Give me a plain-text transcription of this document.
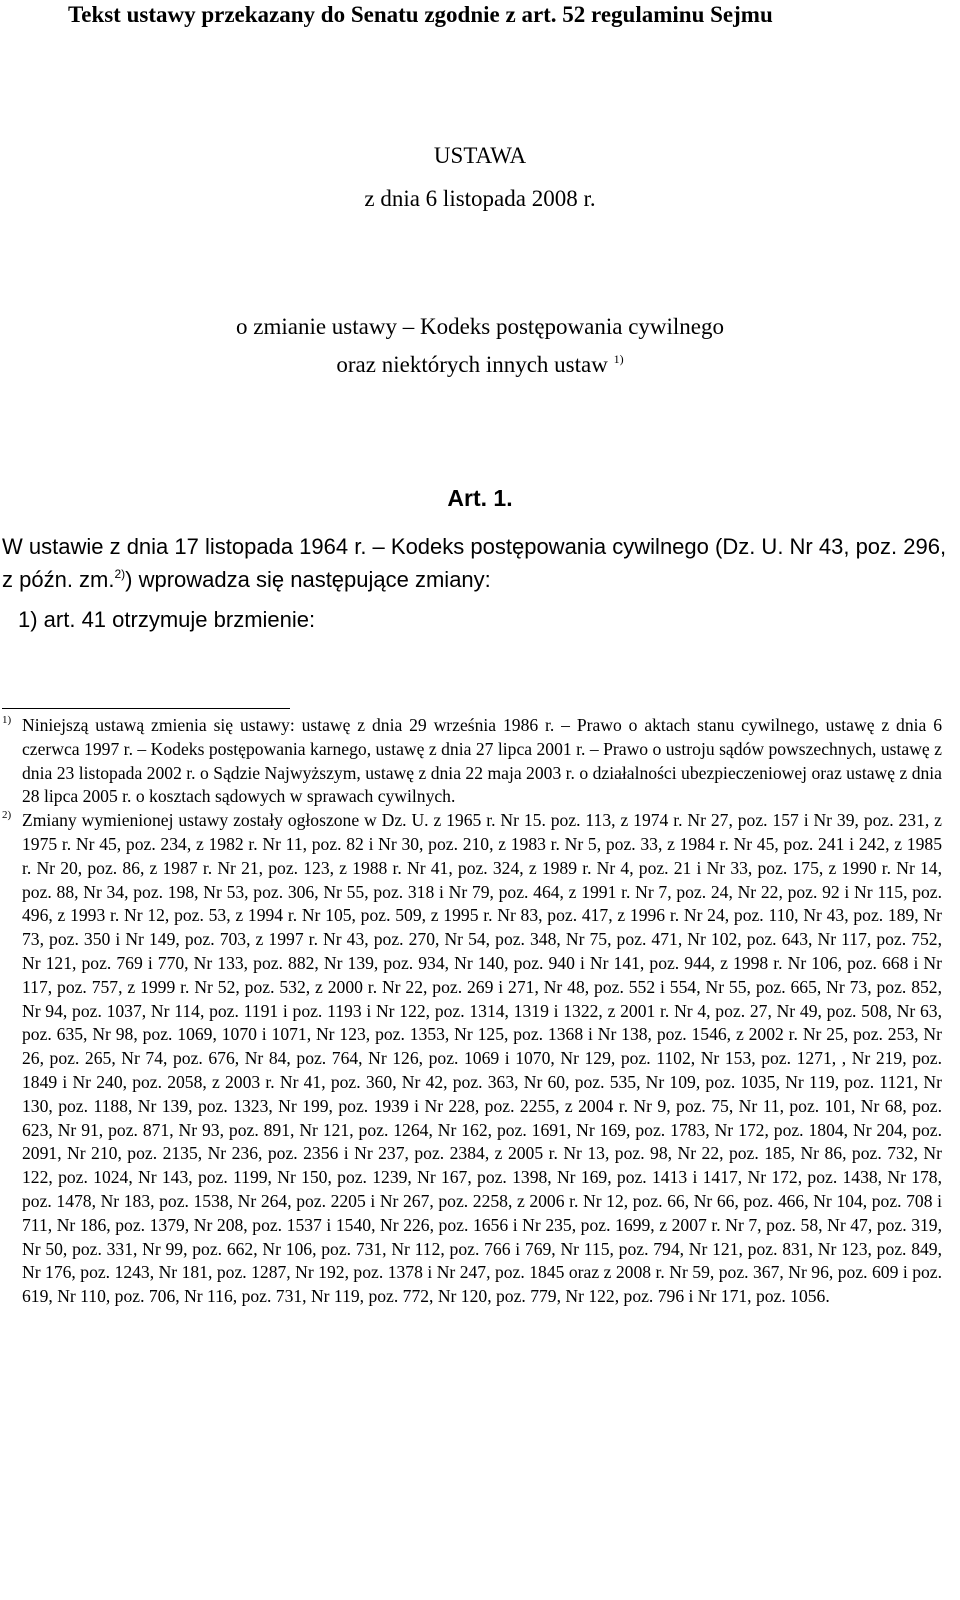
Tekst ustawy przekazany do Senatu zgodnie z art. 52 regulaminu Sejmu
USTAWA
z dnia 6 listopada 2008 r.
o zmianie ustawy – Kodeks postępowania cywilnego
oraz niektórych innych ustaw $^{1)}$
Art. 1.
W ustawie z dnia 17 listopada 1964 r. – Kodeks postępowania cywilnego (Dz. U. Nr 43, poz. 296, z późn. zm.$^{2)}$) wprowadza się następujące zmiany:
1) art. 41 otrzymuje brzmienie:
1) Niniejszą ustawą zmienia się ustawy: ustawę z dnia 29 września 1986 r. – Prawo o aktach stanu cywilnego, ustawę z dnia 6 czerwca 1997 r. – Kodeks postępowania karnego, ustawę z dnia 27 lipca 2001 r. – Prawo o ustroju sądów powszechnych, ustawę z dnia 23 listopada 2002 r. o Sądzie Najwyższym, ustawę z dnia 22 maja 2003 r. o działalności ubezpieczeniowej oraz ustawę z dnia 28 lipca 2005 r. o kosztach sądowych w sprawach cywilnych.
2) Zmiany wymienionej ustawy zostały ogłoszone w Dz. U. z 1965 r. Nr 15. poz. 113, z 1974 r. Nr 27, poz. 157 i Nr 39, poz. 231, z 1975 r. Nr 45, poz. 234, z 1982 r. Nr 11, poz. 82 i Nr 30, poz. 210, z 1983 r. Nr 5, poz. 33, z 1984 r. Nr 45, poz. 241 i 242, z 1985 r. Nr 20, poz. 86, z 1987 r. Nr 21, poz. 123, z 1988 r. Nr 41, poz. 324, z 1989 r. Nr 4, poz. 21 i Nr 33, poz. 175, z 1990 r. Nr 14, poz. 88, Nr 34, poz. 198, Nr 53, poz. 306, Nr 55, poz. 318 i Nr 79, poz. 464, z 1991 r. Nr 7, poz. 24, Nr 22, poz. 92 i Nr 115, poz. 496, z 1993 r. Nr 12, poz. 53, z 1994 r. Nr 105, poz. 509, z 1995 r. Nr 83, poz. 417, z 1996 r. Nr 24, poz. 110, Nr 43, poz. 189, Nr 73, poz. 350 i Nr 149, poz. 703, z 1997 r. Nr 43, poz. 270, Nr 54, poz. 348, Nr 75, poz. 471, Nr 102, poz. 643, Nr 117, poz. 752, Nr 121, poz. 769 i 770, Nr 133, poz. 882, Nr 139, poz. 934, Nr 140, poz. 940 i Nr 141, poz. 944, z 1998 r. Nr 106, poz. 668 i Nr 117, poz. 757, z 1999 r. Nr 52, poz. 532, z 2000 r. Nr 22, poz. 269 i 271, Nr 48, poz. 552 i 554, Nr 55, poz. 665, Nr 73, poz. 852, Nr 94, poz. 1037, Nr 114, poz. 1191 i poz. 1193 i Nr 122, poz. 1314, 1319 i 1322, z 2001 r. Nr 4, poz. 27, Nr 49, poz. 508, Nr 63, poz. 635, Nr 98, poz. 1069, 1070 i 1071, Nr 123, poz. 1353, Nr 125, poz. 1368 i Nr 138, poz. 1546, z 2002 r. Nr 25, poz. 253, Nr 26, poz. 265, Nr 74, poz. 676, Nr 84, poz. 764, Nr 126, poz. 1069 i 1070, Nr 129, poz. 1102, Nr 153, poz. 1271, , Nr 219, poz. 1849 i Nr 240, poz. 2058, z 2003 r. Nr 41, poz. 360, Nr 42, poz. 363, Nr 60, poz. 535, Nr 109, poz. 1035, Nr 119, poz. 1121, Nr 130, poz. 1188, Nr 139, poz. 1323, Nr 199, poz. 1939 i Nr 228, poz. 2255, z 2004 r. Nr 9, poz. 75, Nr 11, poz. 101, Nr 68, poz. 623, Nr 91, poz. 871, Nr 93, poz. 891, Nr 121, poz. 1264, Nr 162, poz. 1691, Nr 169, poz. 1783, Nr 172, poz. 1804, Nr 204, poz. 2091, Nr 210, poz. 2135, Nr 236, poz. 2356 i Nr 237, poz. 2384, z 2005 r. Nr 13, poz. 98, Nr 22, poz. 185, Nr 86, poz. 732, Nr 122, poz. 1024, Nr 143, poz. 1199, Nr 150, poz. 1239, Nr 167, poz. 1398, Nr 169, poz. 1413 i 1417, Nr 172, poz. 1438, Nr 178, poz. 1478, Nr 183, poz. 1538, Nr 264, poz. 2205 i Nr 267, poz. 2258, z 2006 r. Nr 12, poz. 66, Nr 66, poz. 466, Nr 104, poz. 708 i 711, Nr 186, poz. 1379, Nr 208, poz. 1537 i 1540, Nr 226, poz. 1656 i Nr 235, poz. 1699, z 2007 r. Nr 7, poz. 58, Nr 47, poz. 319, Nr 50, poz. 331, Nr 99, poz. 662, Nr 106, poz. 731, Nr 112, poz. 766 i 769, Nr 115, poz. 794, Nr 121, poz. 831, Nr 123, poz. 849, Nr 176, poz. 1243, Nr 181, poz. 1287, Nr 192, poz. 1378 i Nr 247, poz. 1845 oraz z 2008 r. Nr 59, poz. 367, Nr 96, poz. 609 i poz. 619, Nr 110, poz. 706, Nr 116, poz. 731, Nr 119, poz. 772, Nr 120, poz. 779, Nr 122, poz. 796 i Nr 171, poz. 1056.
